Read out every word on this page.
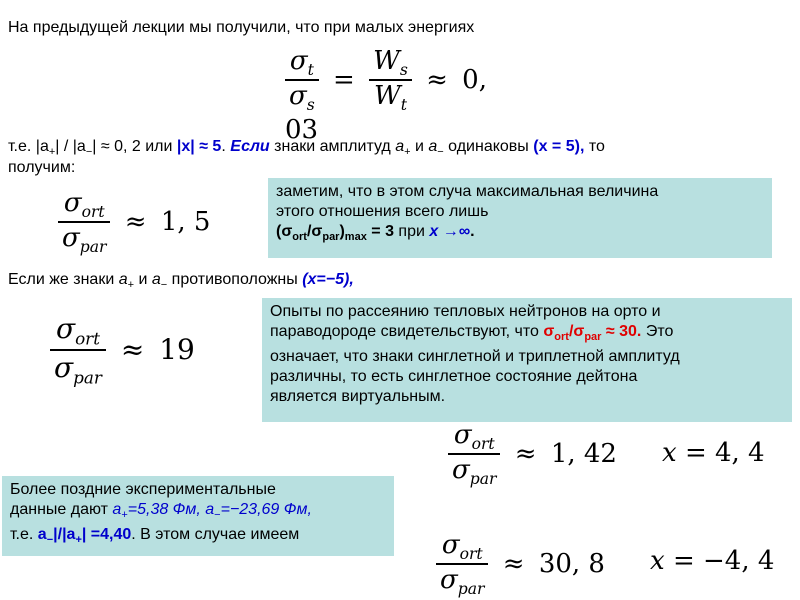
На предыдущей лекции мы получили, что при малых энергиях
$\frac{\sigma_t}{\sigma_s} = \frac{W_s}{W_t} \approx 0$, 03
т.е. $|a_+| / |a_-| \approx 0$, 2 или |x| ≈ 5. Если знаки амплитуд $a_+$ и $a_-$ одинаковы (x = 5), то
получим:
$\frac{\sigma_{ort}}{\sigma_{par}} \approx 1$, 5
заметим, что в этом случа максимальная величина
этого отношения всего лишь
$(\sigma_{ort}/\sigma_{par})_{max} = 3$ при x →∞.
Если же знаки $a_+$ и $a_-$ противоположны (x=−5),
$\frac{\sigma_{ort}}{\sigma_{par}} \approx 19$
Опыты по рассеянию тепловых нейтронов на орто и
параводороде свидетельствуют, что $\sigma_{ort}/\sigma_{par} \approx 30$. Это
означает, что знаки синглетной и триплетной амплитуд
различны, то есть синглетное состояние дейтона
является виртуальным.
$\frac{\sigma_{ort}}{\sigma_{par}} \approx 1$, 42 x = 4, 4
Более поздние экспериментальные
данные дают $a_+=5,38$ Фм, $a_-=-23,69$ Фм,
т.е. $a_-|/|a_+| =4,40$. В этом случае имеем	$\frac{\sigma_{ort}}{\sigma_{par}} \approx 30$, 8 x = −4, 4
